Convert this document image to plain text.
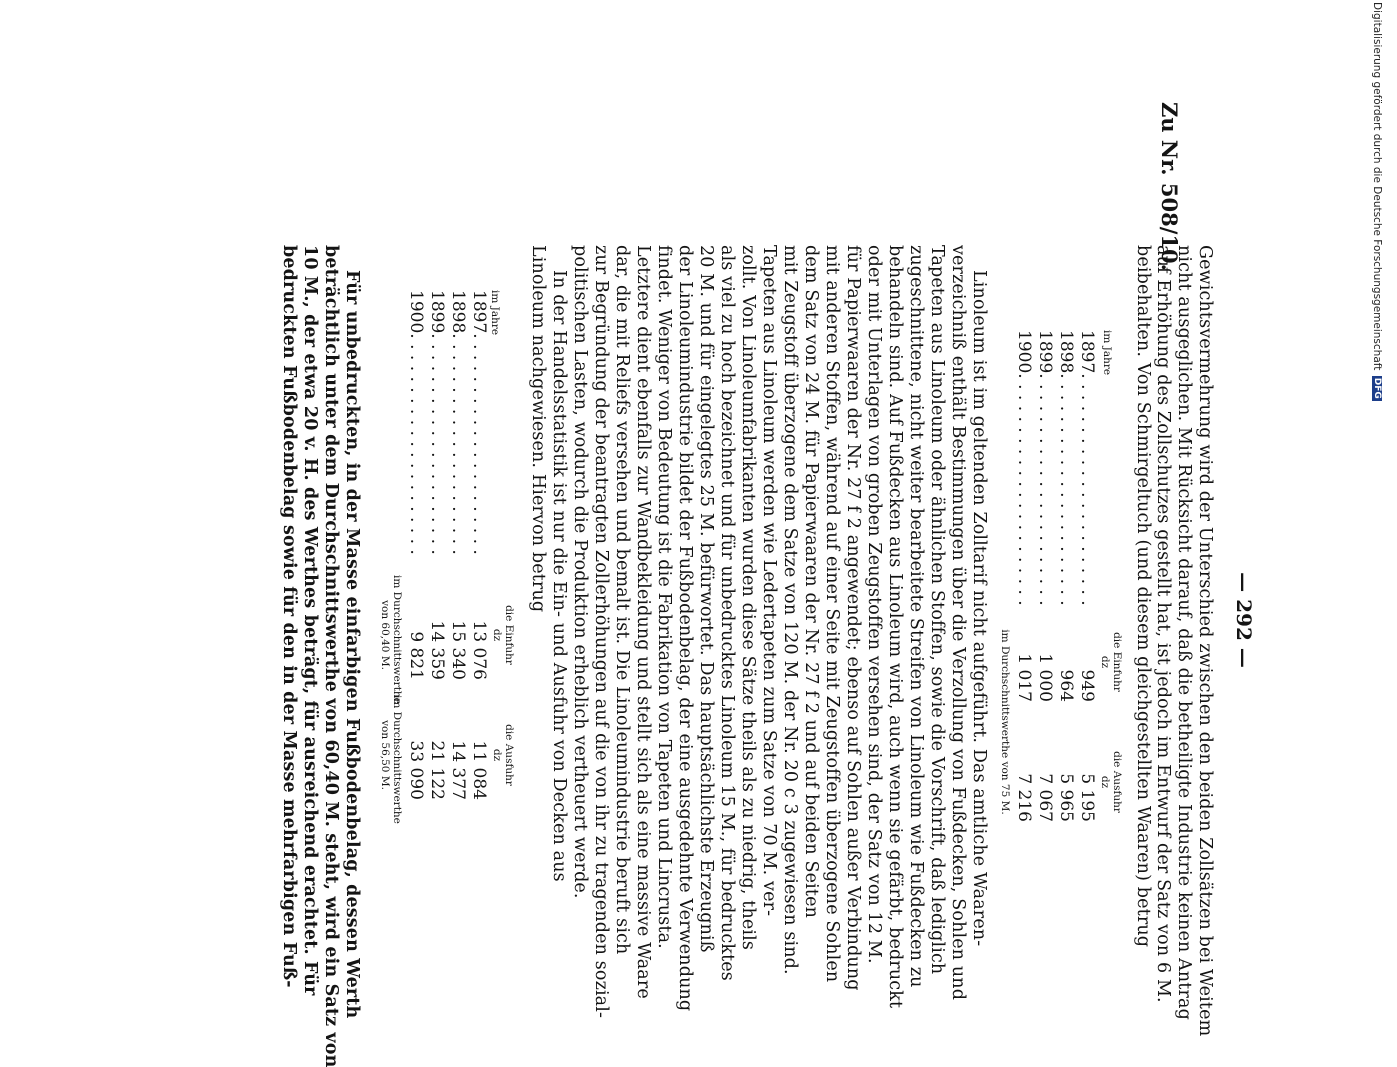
— 292 —
Zu Nr. 508/10.
Gewichtsvermehrung wird der Unterschied zwischen den beiden Zollsätzen bei Weitem
nicht ausgeglichen. Mit Rücksicht darauf, daß die betheiligte Industrie keinen Antrag
auf Erhöhung des Zollschutzes gestellt hat, ist jedoch im Entwurf der Satz von 6 M.
beibehalten. Von Schmirgeltuch (und diesem gleichgestellten Waaren) betrug
im Jahre
die Einfuhr
dz
die Ausfuhr
dz
1897. . . . . . . . . . . . . . . . . . . . . .
949
5 195
1898. . . . . . . . . . . . . . . . . . . . . .
964
5 965
1899. . . . . . . . . . . . . . . . . . . . . .
1 000
7 067
1900. . . . . . . . . . . . . . . . . . . . . .
1 017
7 216
im Durchschnittswerthe von 75 M.
Linoleum ist im geltenden Zolltarif nicht aufgeführt. Das amtliche Waaren-
verzeichniß enthält Bestimmungen über die Verzollung von Fußdecken, Sohlen und
Tapeten aus Linoleum oder ähnlichen Stoffen, sowie die Vorschrift, daß lediglich
zugeschnittene, nicht weiter bearbeitete Streifen von Linoleum wie Fußdecken zu
behandeln sind. Auf Fußdecken aus Linoleum wird, auch wenn sie gefärbt, bedruckt
oder mit Unterlagen von groben Zeugstoffen versehen sind, der Satz von 12 M.
für Papierwaaren der Nr. 27 f 2 angewendet; ebenso auf Sohlen außer Verbindung
mit anderen Stoffen, während auf einer Seite mit Zeugstoffen überzogene Sohlen
dem Satz von 24 M. für Papierwaaren der Nr. 27 f 2 und auf beiden Seiten
mit Zeugstoff überzogene dem Satze von 120 M. der Nr. 20 c 3 zugewiesen sind.
Tapeten aus Linoleum werden wie Ledertapeten zum Satze von 70 M. ver-
zollt. Von Linoleumfabrikanten wurden diese Sätze theils als zu niedrig, theils
als viel zu hoch bezeichnet und für unbedrucktes Linoleum 15 M., für bedrucktes
20 M. und für eingelegtes 25 M. befürwortet. Das hauptsächlichste Erzeugniß
der Linoleumindustrie bildet der Fußbodenbelag, der eine ausgedehnte Verwendung
findet. Weniger von Bedeutung ist die Fabrikation von Tapeten und Lincrusta.
Letztere dient ebenfalls zur Wandbekleidung und stellt sich als eine massive Waare
dar, die mit Reliefs versehen und bemalt ist. Die Linoleumindustrie beruft sich
zur Begründung der beantragten Zollerhöhungen auf die von ihr zu tragenden sozial-
politischen Lasten, wodurch die Produktion erheblich vertheuert werde.
In der Handelsstatistik ist nur die Ein- und Ausfuhr von Decken aus
Linoleum nachgewiesen. Hiervon betrug
im Jahre
die Einfuhr
dz
die Ausfuhr
dz
1897. . . . . . . . . . . . . . . . . . . . .
13 076
11 084
1898. . . . . . . . . . . . . . . . . . . . .
15 340
14 377
1899. . . . . . . . . . . . . . . . . . . . .
14 359
21 122
1900. . . . . . . . . . . . . . . . . . . . .
9 821
33 090
im Durchschnittswerthe
von 60,40 M.
im Durchschnittswerthe
von 56,50 M.
Für unbedruckten, in der Masse einfarbigen Fußbodenbelag, dessen Werth
beträchtlich unter dem Durchschnittswerthe von 60,40 M. steht, wird ein Satz von
10 M., der etwa 20 v. H. des Werthes beträgt, für ausreichend erachtet. Für
bedruckten Fußbodenbelag sowie für den in der Masse mehrfarbigen Fuß-
Digitalisierung gefördert durch die Deutsche Forschungsgemeinschaft DFG
